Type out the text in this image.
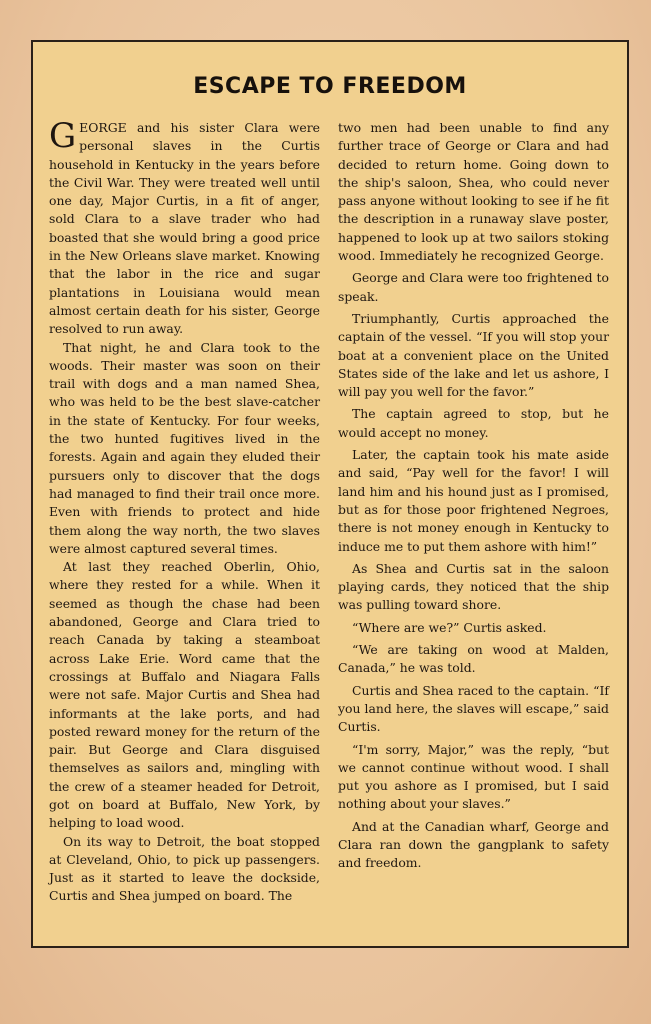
ESCAPE TO FREEDOM

GEORGE and his sister Clara were personal slaves in the Curtis household in Kentucky in the years before the Civil War. They were treated well until one day, Major Curtis, in a fit of anger, sold Clara to a slave trader who had boasted that she would bring a good price in the New Orleans slave market. Knowing that the labor in the rice and sugar plantations in Louisiana would mean almost certain death for his sister, George resolved to run away.

That night, he and Clara took to the woods. Their master was soon on their trail with dogs and a man named Shea, who was held to be the best slave-catcher in the state of Kentucky. For four weeks, the two hunted fugitives lived in the forests. Again and again they eluded their pursuers only to discover that the dogs had managed to find their trail once more. Even with friends to protect and hide them along the way north, the two slaves were almost captured several times.

At last they reached Oberlin, Ohio, where they rested for a while. When it seemed as though the chase had been abandoned, George and Clara tried to reach Canada by taking a steamboat across Lake Erie. Word came that the crossings at Buffalo and Niagara Falls were not safe. Major Curtis and Shea had informants at the lake ports, and had posted reward money for the return of the pair. But George and Clara disguised themselves as sailors and, mingling with the crew of a steamer headed for Detroit, got on board at Buffalo, New York, by helping to load wood.

On its way to Detroit, the boat stopped at Cleveland, Ohio, to pick up passengers. Just as it started to leave the dockside, Curtis and Shea jumped on board. The

two men had been unable to find any further trace of George or Clara and had decided to return home. Going down to the ship's saloon, Shea, who could never pass anyone without looking to see if he fit the description in a runaway slave poster, happened to look up at two sailors stoking wood. Immediately he recognized George.

George and Clara were too frightened to speak.

Triumphantly, Curtis approached the captain of the vessel. “If you will stop your boat at a convenient place on the United States side of the lake and let us ashore, I will pay you well for the favor.”

The captain agreed to stop, but he would accept no money.

Later, the captain took his mate aside and said, “Pay well for the favor! I will land him and his hound just as I promised, but as for those poor frightened Negroes, there is not money enough in Kentucky to induce me to put them ashore with him!”

As Shea and Curtis sat in the saloon playing cards, they noticed that the ship was pulling toward shore.

“Where are we?” Curtis asked.

“We are taking on wood at Malden, Canada,” he was told.

Curtis and Shea raced to the captain. “If you land here, the slaves will escape,” said Curtis.

“I'm sorry, Major,” was the reply, “but we cannot continue without wood. I shall put you ashore as I promised, but I said nothing about your slaves.”

And at the Canadian wharf, George and Clara ran down the gangplank to safety and freedom.
